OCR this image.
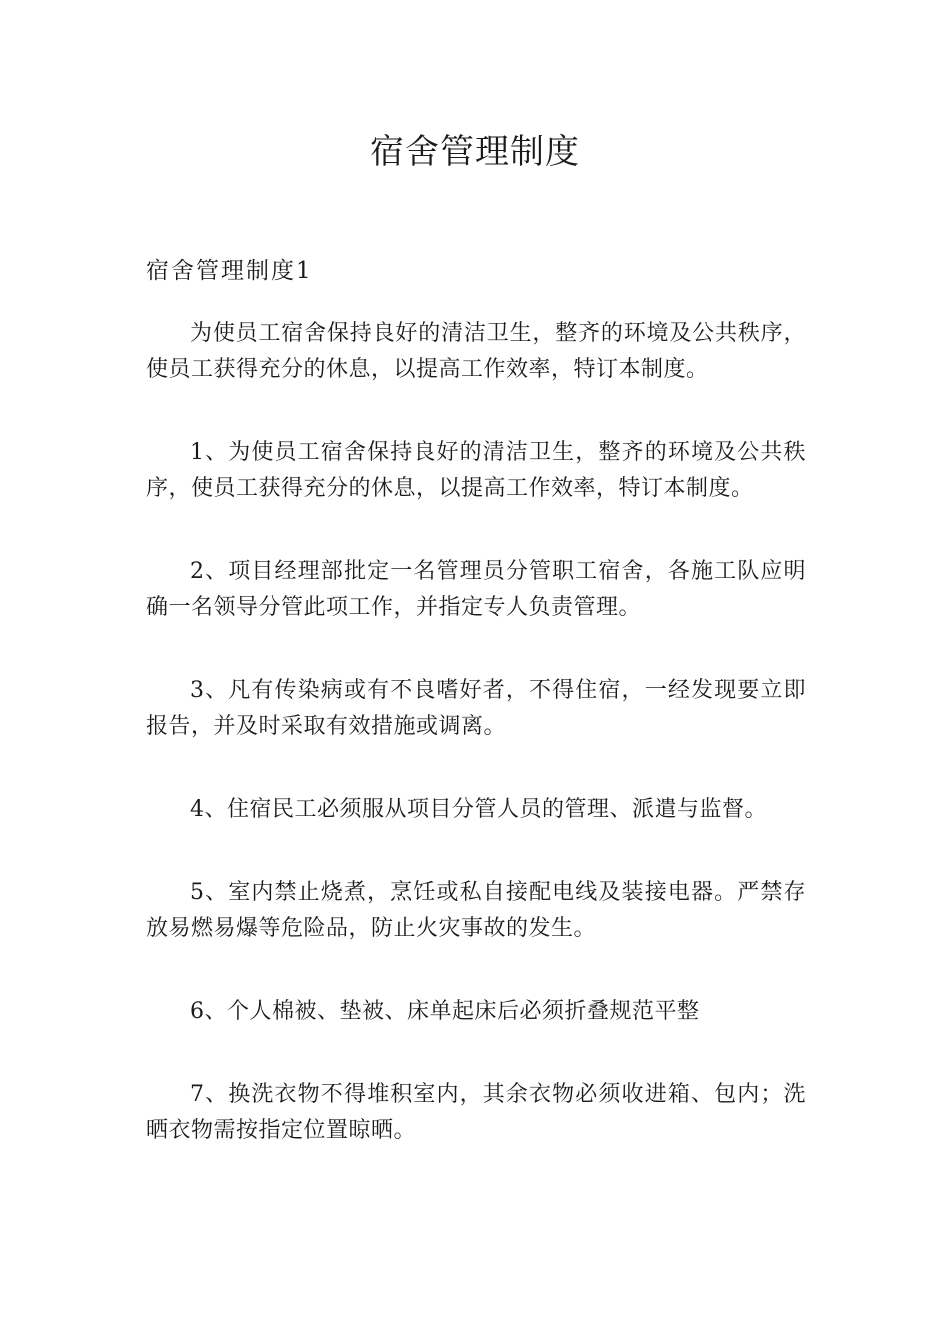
宿舍管理制度
宿舍管理制度1

为使员工宿舍保持良好的清洁卫生，整齐的环境及公共秩序，使员工获得充分的休息，以提高工作效率，特订本制度。

1、为使员工宿舍保持良好的清洁卫生，整齐的环境及公共秩序，使员工获得充分的休息，以提高工作效率，特订本制度。

2、项目经理部批定一名管理员分管职工宿舍，各施工队应明确一名领导分管此项工作，并指定专人负责管理。

3、凡有传染病或有不良嗜好者，不得住宿，一经发现要立即报告，并及时采取有效措施或调离。

4、住宿民工必须服从项目分管人员的管理、派遣与监督。

5、室内禁止烧煮，烹饪或私自接配电线及装接电器。严禁存放易燃易爆等危险品，防止火灾事故的发生。

6、个人棉被、垫被、床单起床后必须折叠规范平整

7、换洗衣物不得堆积室内，其余衣物必须收进箱、包内；洗晒衣物需按指定位置晾晒。
